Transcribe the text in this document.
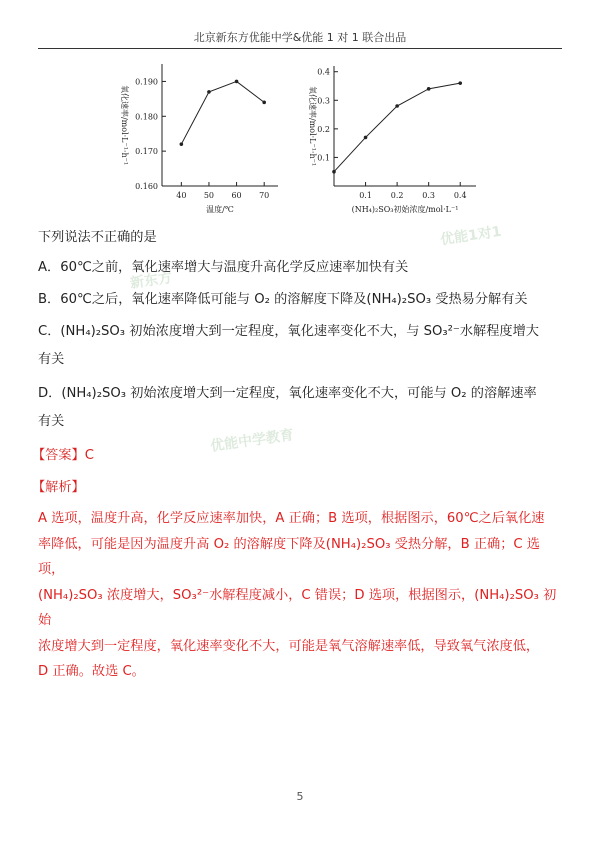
北京新东方优能中学&优能 1 对 1 联合出品
0.160
0.170
0.180
0.190
40 50 60 70
温度/℃
氧化速率/mol·L⁻¹·h⁻¹	0.1
0.2
0.3
0.4
0.1 0.2 0.3 0.4
(NH₄)₂SO₃初始浓度/mol·L⁻¹
氧化速率/mol·L⁻¹·h⁻¹
下列说法不正确的是
A．60℃之前，氧化速率增大与温度升高化学反应速率加快有关
B．60℃之后，氧化速率降低可能与 O₂ 的溶解度下降及(NH₄)₂SO₃ 受热易分解有关
C．(NH₄)₂SO₃ 初始浓度增大到一定程度，氧化速率变化不大，与 SO₃²⁻水解程度增大
有关
D．(NH₄)₂SO₃ 初始浓度增大到一定程度，氧化速率变化不大，可能与 O₂ 的溶解速率
有关
【答案】C
【解析】
A 选项，温度升高，化学反应速率加快，A 正确；B 选项，根据图示，60℃之后氧化速
率降低，可能是因为温度升高 O₂ 的溶解度下降及(NH₄)₂SO₃ 受热分解，B 正确；C 选项，
(NH₄)₂SO₃ 浓度增大，SO₃²⁻水解程度减小，C 错误；D 选项，根据图示，(NH₄)₂SO₃ 初始
浓度增大到一定程度，氧化速率变化不大，可能是氧气溶解速率低，导致氧气浓度低，
D 正确。故选 C。
新东方
优能1对1
优能中学教育
5
